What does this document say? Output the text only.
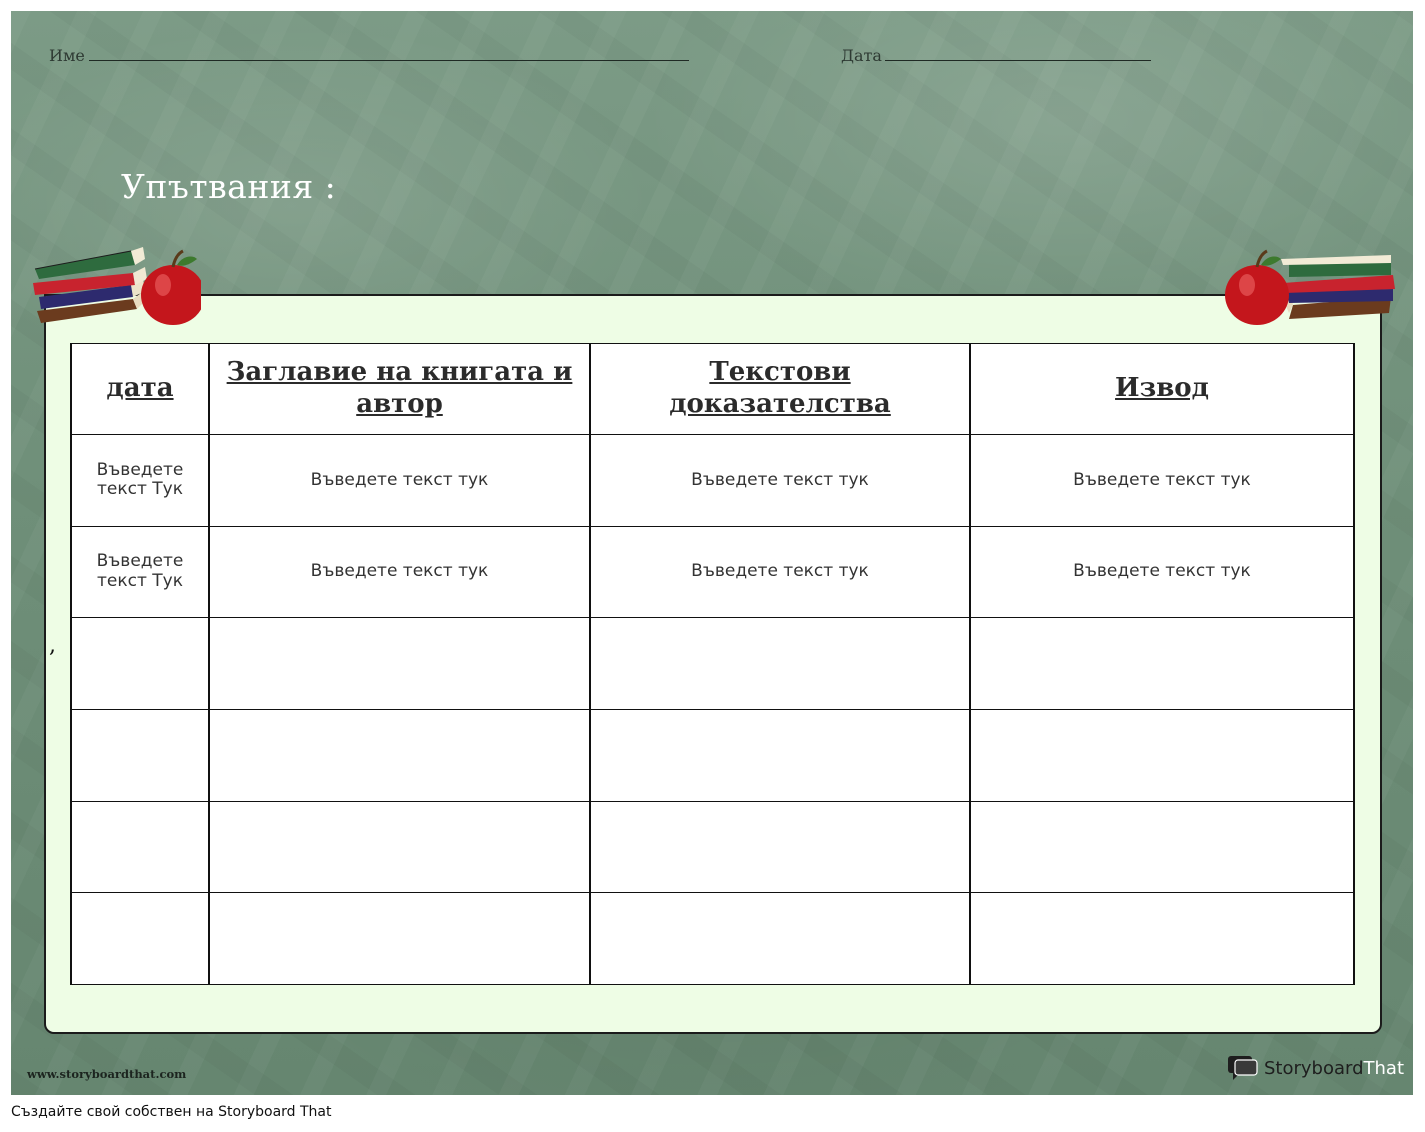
Име	Дата
Упътвания :
дата	Заглавие на книгата и автор	Текстови доказателства	Извод
Въведете текст Тук	Въведете текст тук	Въведете текст тук	Въведете текст тук
Въведете текст Тук	Въведете текст тук	Въведете текст тук	Въведете текст тук

,
www.storyboardthat.com	StoryboardThat
Създайте свой собствен на Storyboard That
